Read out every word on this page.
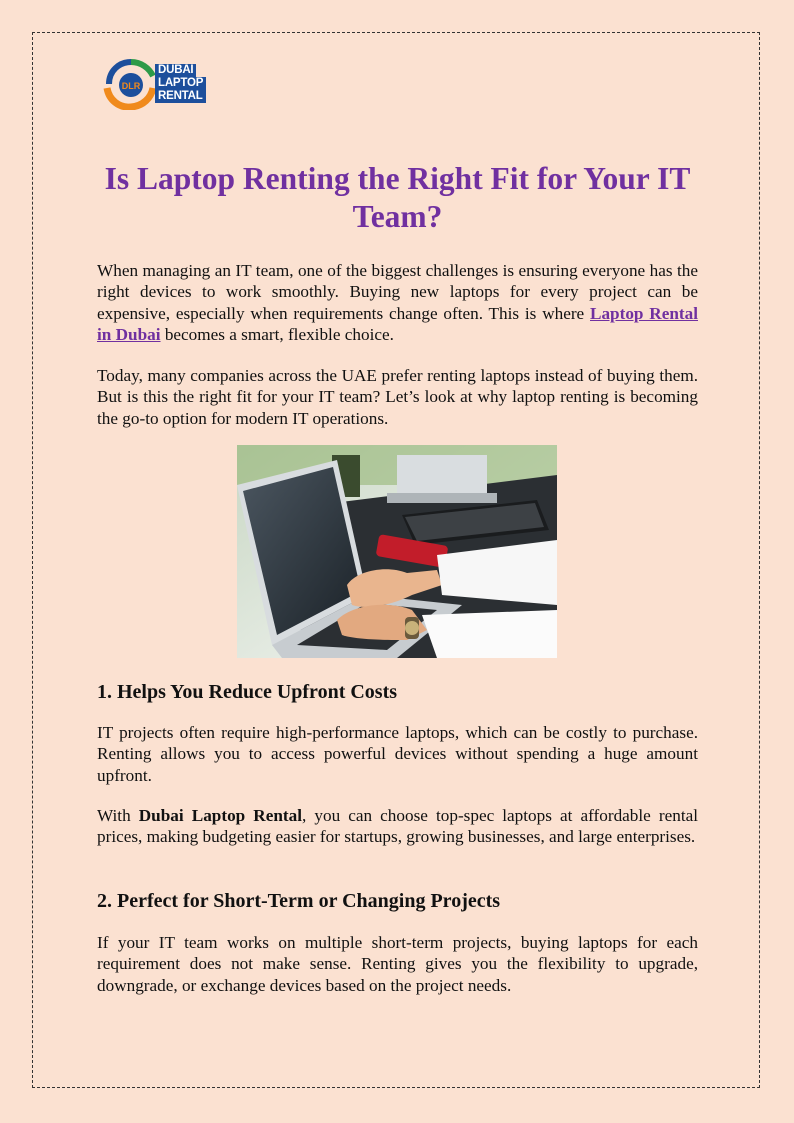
DLR
DUBAI
LAPTOP
RENTAL
Is Laptop Renting the Right Fit for Your IT Team?

When managing an IT team, one of the biggest challenges is ensuring everyone has the right devices to work smoothly. Buying new laptops for every project can be expensive, especially when requirements change often. This is where Laptop Rental in Dubai becomes a smart, flexible choice.

Today, many companies across the UAE prefer renting laptops instead of buying them. But is this the right fit for your IT team? Let’s look at why laptop renting is becoming the go-to option for modern IT operations.

1. Helps You Reduce Upfront Costs

IT projects often require high-performance laptops, which can be costly to purchase. Renting allows you to access powerful devices without spending a huge amount upfront.

With Dubai Laptop Rental, you can choose top-spec laptops at affordable rental prices, making budgeting easier for startups, growing businesses, and large enterprises.

2. Perfect for Short-Term or Changing Projects

If your IT team works on multiple short-term projects, buying laptops for each requirement does not make sense. Renting gives you the flexibility to upgrade, downgrade, or exchange devices based on the project needs.
